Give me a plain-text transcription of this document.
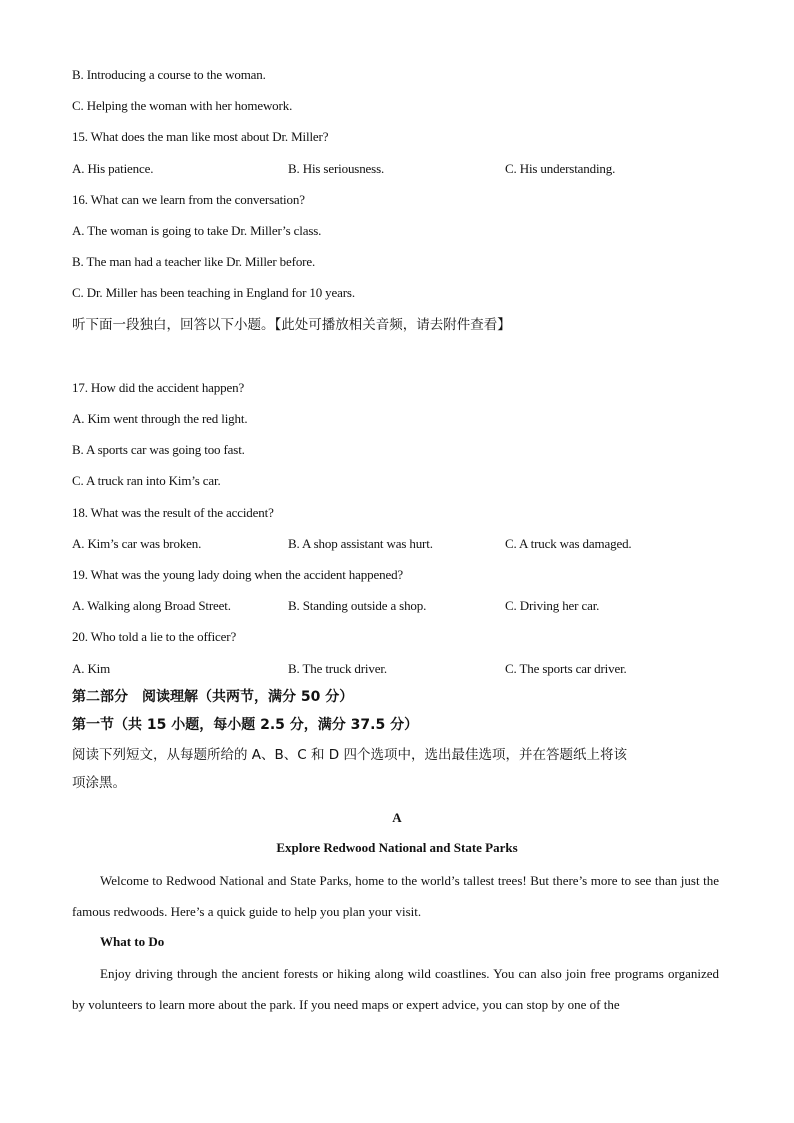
B. Introducing a course to the woman.
C. Helping the woman with her homework.
15. What does the man like most about Dr. Miller?
A. His patience.	B. His seriousness.	C. His understanding.
16. What can we learn from the conversation?
A. The woman is going to take Dr. Miller’s class.
B. The man had a teacher like Dr. Miller before.
C. Dr. Miller has been teaching in England for 10 years.
听下面一段独白，回答以下小题。【此处可播放相关音频，请去附件查看】
17. How did the accident happen?
A. Kim went through the red light.
B. A sports car was going too fast.
C. A truck ran into Kim’s car.
18. What was the result of the accident?
A. Kim’s car was broken.	B. A shop assistant was hurt.	C. A truck was damaged.
19. What was the young lady doing when the accident happened?
A. Walking along Broad Street.	B. Standing outside a shop.	C. Driving her car.
20. Who told a lie to the officer?
A. Kim	B. The truck driver.	C. The sports car driver.
第二部分　阅读理解（共两节，满分 50 分）
第一节（共 15 小题，每小题 2.5 分，满分 37.5 分）
阅读下列短文，从每题所给的 A、B、C 和 D 四个选项中，选出最佳选项，并在答题纸上将该
项涂黑。
A
Explore Redwood National and State Parks
Welcome to Redwood National and State Parks, home to the world’s tallest trees! But there’s more to see than just the famous redwoods. Here’s a quick guide to help you plan your visit.
What to Do
Enjoy driving through the ancient forests or hiking along wild coastlines. You can also join free programs organized by volunteers to learn more about the park. If you need maps or expert advice, you can stop by one of the
